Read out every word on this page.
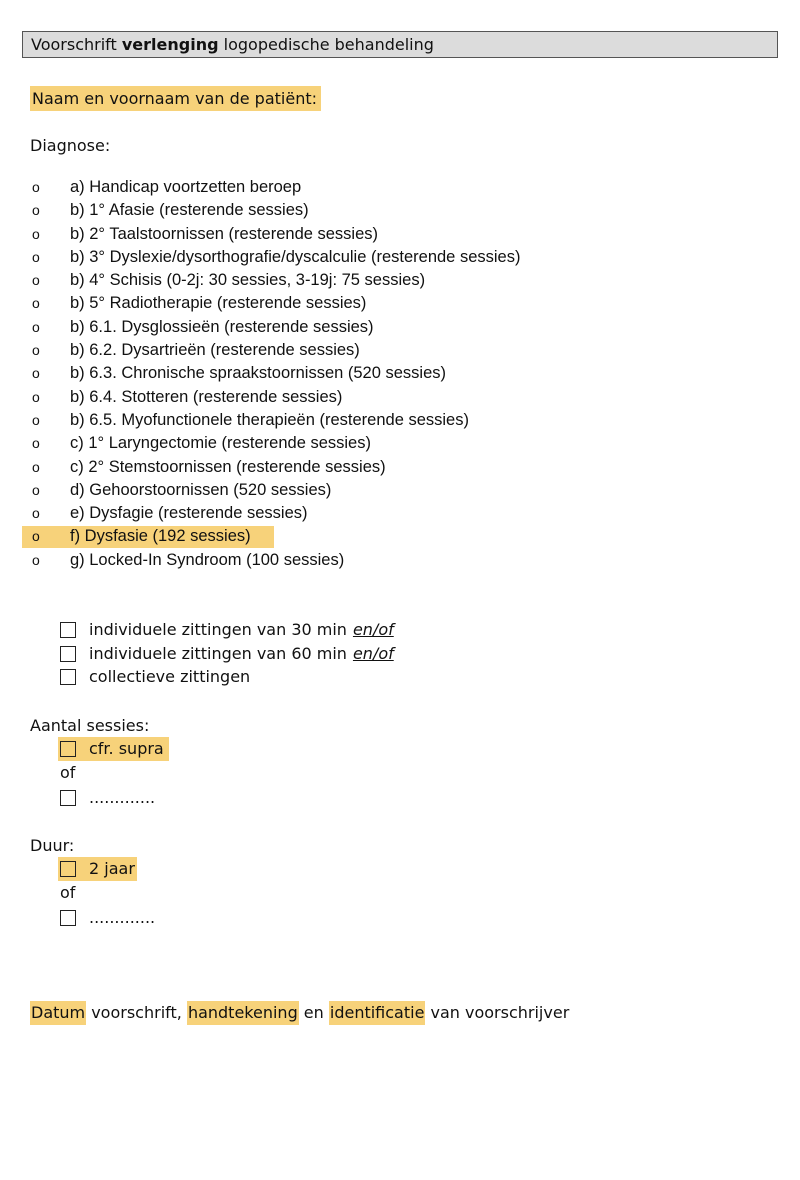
Voorschrift verlenging logopedische behandeling
Naam en voornaam van de patiënt:
Diagnose:
o a) Handicap voortzetten beroep
o b) 1° Afasie (resterende sessies)
o b) 2° Taalstoornissen (resterende sessies)
o b) 3° Dyslexie/dysorthografie/dyscalculie (resterende sessies)
o b) 4° Schisis (0-2j: 30 sessies, 3-19j: 75 sessies)
o b) 5° Radiotherapie (resterende sessies)
o b) 6.1. Dysglossieën (resterende sessies)
o b) 6.2. Dysartrieën (resterende sessies)
o b) 6.3. Chronische spraakstoornissen (520 sessies)
o b) 6.4. Stotteren (resterende sessies)
o b) 6.5. Myofunctionele therapieën (resterende sessies)
o c) 1° Laryngectomie (resterende sessies)
o c) 2° Stemstoornissen (resterende sessies)
o d) Gehoorstoornissen (520 sessies)
o e) Dysfagie (resterende sessies)
o f) Dysfasie (192 sessies)
o g) Locked-In Syndroom (100 sessies)
individuele zittingen van 30 min en/of
individuele zittingen van 60 min en/of
collectieve zittingen
Aantal sessies:
cfr. supra
of
.............
Duur:
2 jaar
of
.............
Datum voorschrift, handtekening en identificatie van voorschrijver
